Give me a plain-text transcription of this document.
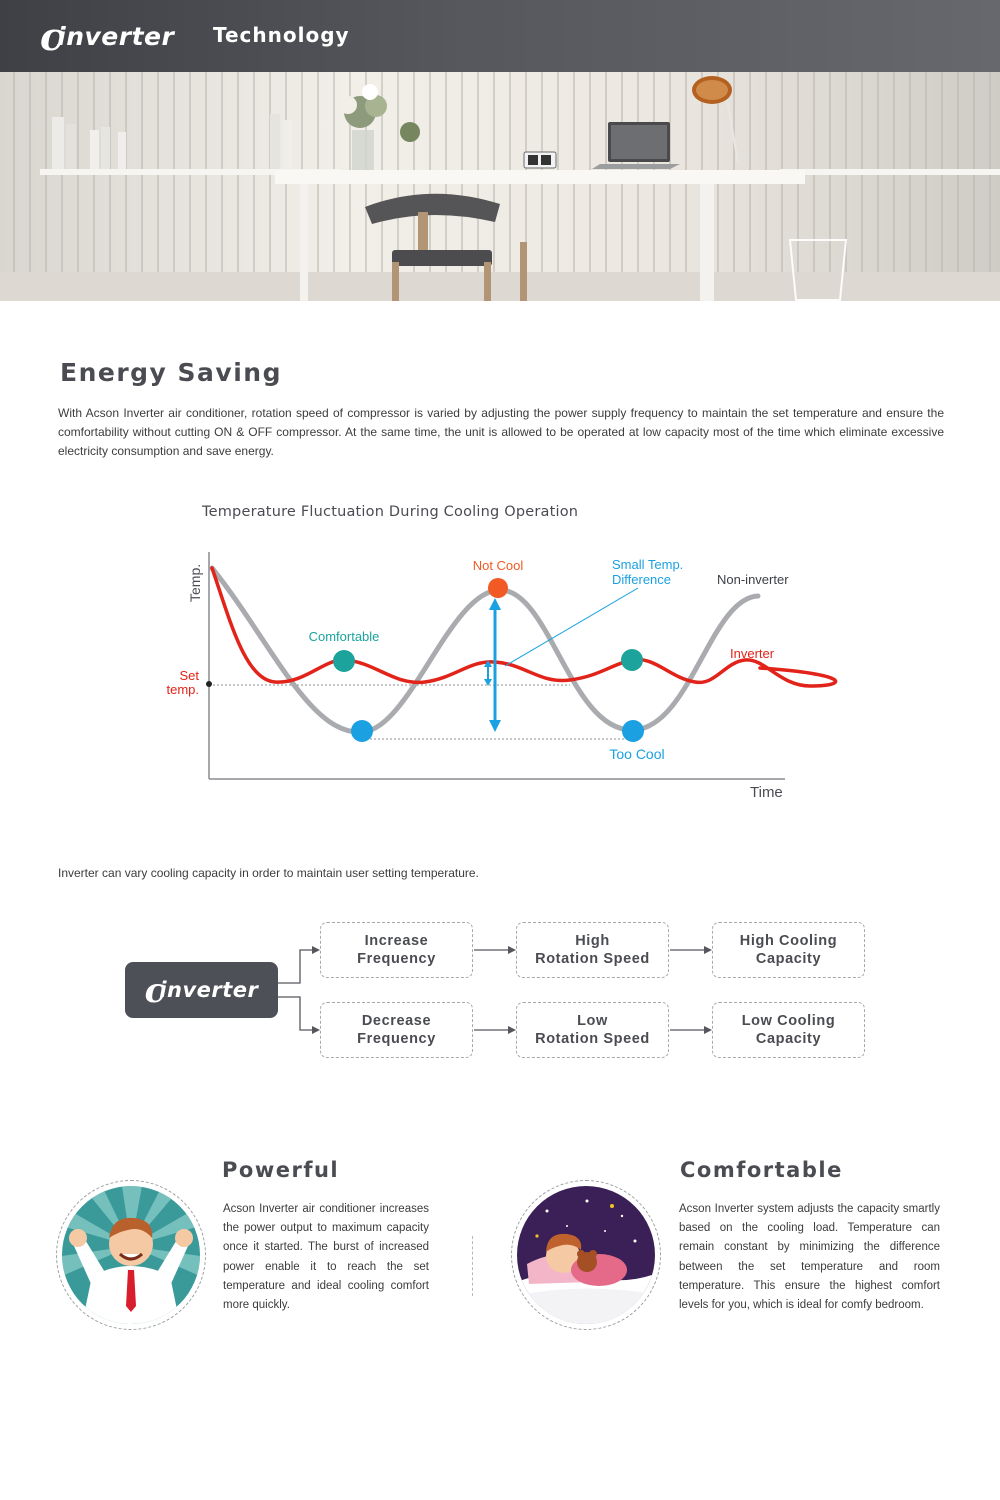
c
inverter Technology
Energy Saving

With Acson Inverter air conditioner, rotation speed of compressor is varied by adjusting the power supply frequency to maintain the set temperature and ensure the comfortability without cutting ON & OFF compressor. At the same time, the unit is allowed to be operated at low capacity most of the time which eliminate excessive electricity consumption and save energy.

Temperature Fluctuation During Cooling Operation
Temp.
Time
Set
temp.
Not Cool
Comfortable
Too Cool
Small Temp.
Difference	Non-inverter
Inverter
Inverter can vary cooling capacity in order to maintain user setting temperature.
c
inverter
Increase
Frequency
High
Rotation Speed
High Cooling
Capacity
Decrease
Frequency
Low
Rotation Speed
Low Cooling
Capacity
Powerful

Acson Inverter air conditioner increases the power output to maximum capacity once it started. The burst of increased power enable it to reach the set temperature and ideal cooling comfort more quickly.

Comfortable

Acson Inverter system adjusts the capacity smartly based on the cooling load. Temperature can remain constant by minimizing the difference between the set temperature and room temperature. This ensure the highest comfort levels for you, which is ideal for comfy bedroom.
